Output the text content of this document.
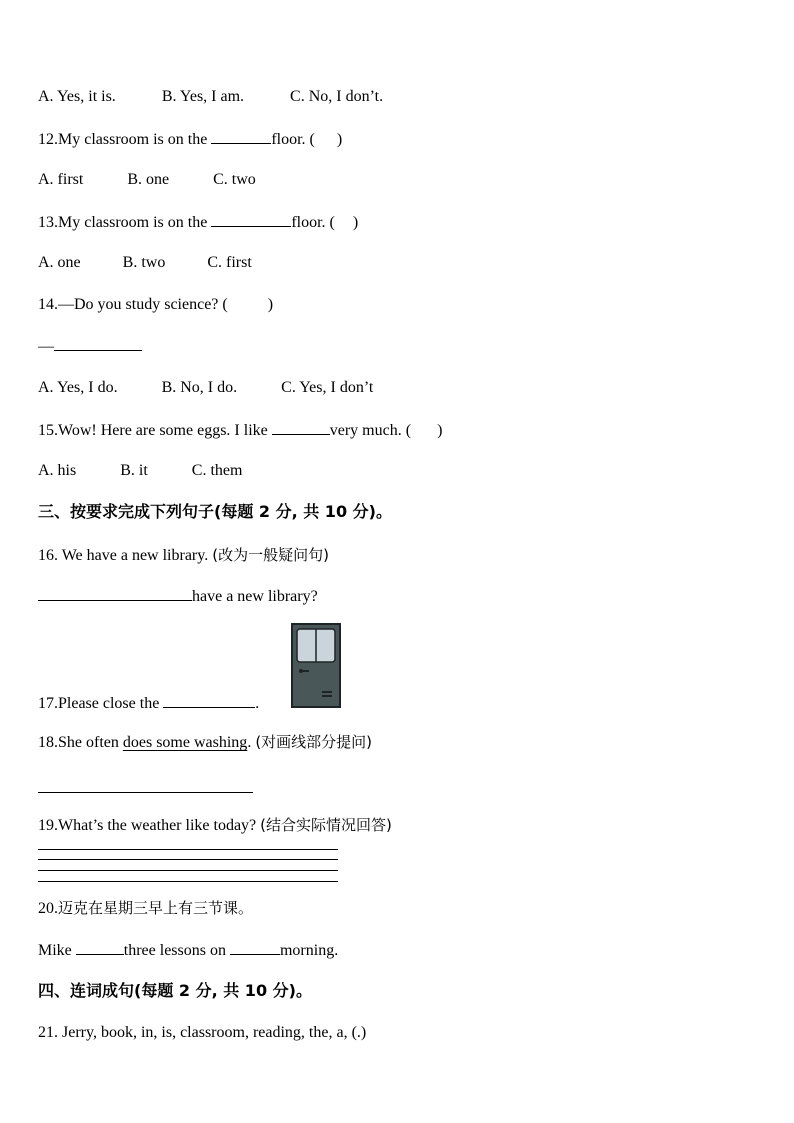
A. Yes, it is.	B. Yes, I am.	C. No, I don’t.
12.My classroom is on the	floor. ( )
A. first	B. one	C. two
13.My classroom is on the	floor. ( )
A. one	B. two	C. first
14.—Do you study science? (	)
—
A. Yes, I do.	B. No, I do.	C. Yes, I don’t
15.Wow! Here are some eggs. I like	very much. ( )
A. his	B. it	C. them
三、按要求完成下列句子(每题 2 分, 共 10 分)。
16. We have a new library. (改为一般疑问句)
have a new library?
17.Please close the	.
18.She often does some washing. (对画线部分提问)
19.What’s the weather like today? (结合实际情况回答)
20.迈克在星期三早上有三节课。
Mike	three lessons on	morning.
四、连词成句(每题 2 分, 共 10 分)。
21. Jerry, book, in, is, classroom, reading, the, a, (.)
